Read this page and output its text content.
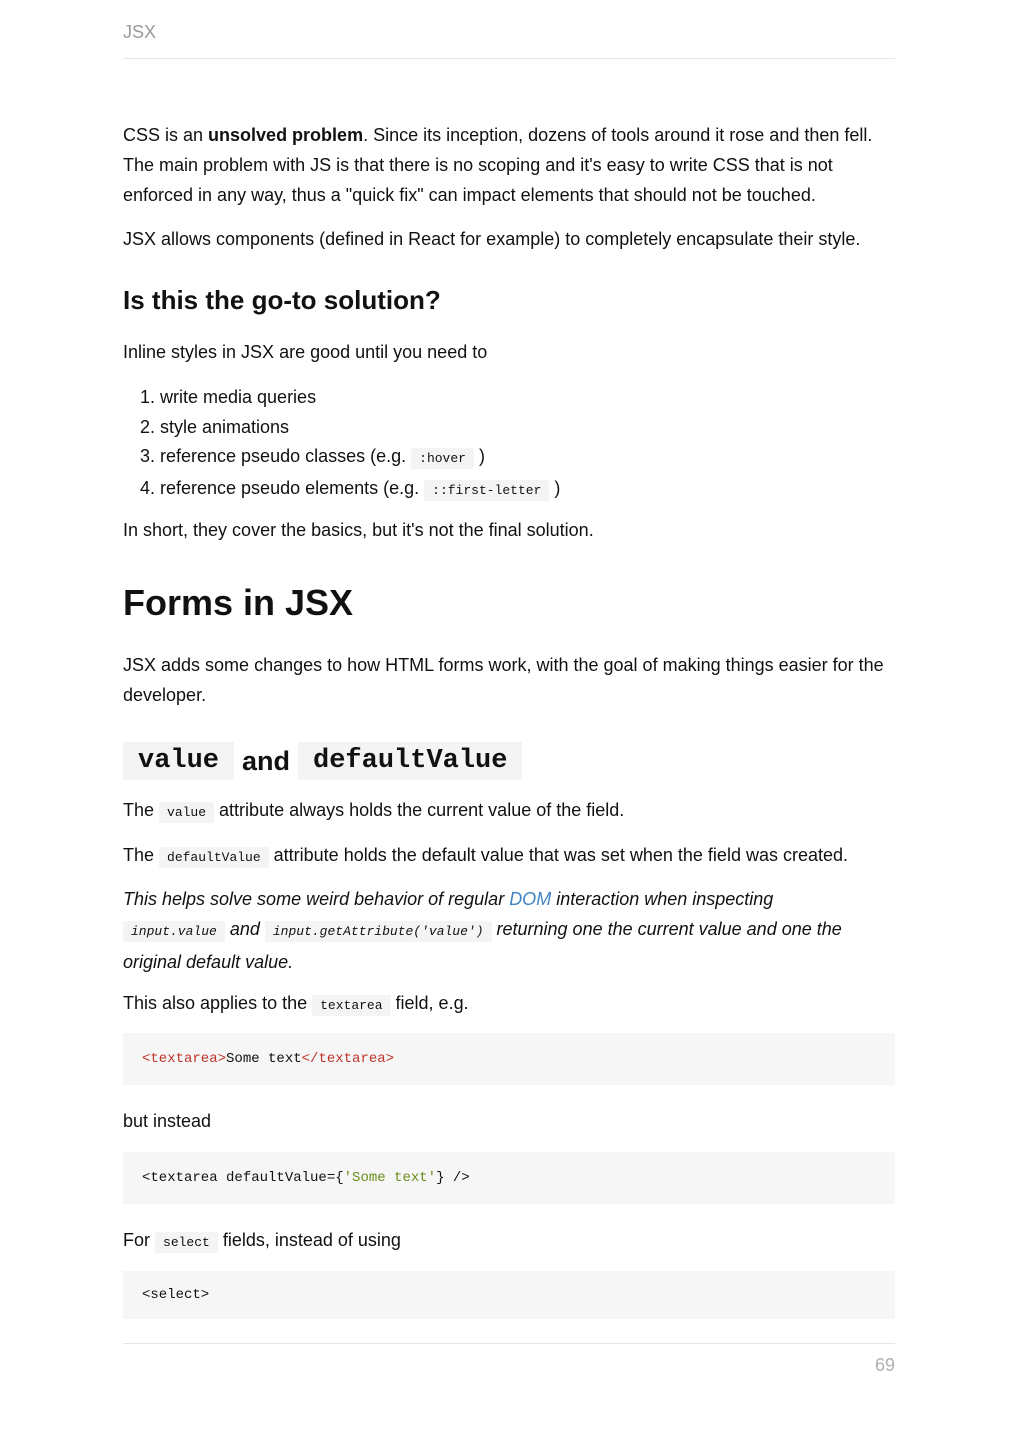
JSX

CSS is an unsolved problem. Since its inception, dozens of tools around it rose and then fell. The main problem with JS is that there is no scoping and it's easy to write CSS that is not enforced in any way, thus a "quick fix" can impact elements that should not be touched.

JSX allows components (defined in React for example) to completely encapsulate their style.

Is this the go-to solution?

Inline styles in JSX are good until you need to

1. write media queries
2. style animations
3. reference pseudo classes (e.g. :hover )
4. reference pseudo elements (e.g. ::first-letter )

In short, they cover the basics, but it's not the final solution.

Forms in JSX

JSX adds some changes to how HTML forms work, with the goal of making things easier for the developer.

value and defaultValue

The value attribute always holds the current value of the field.

The defaultValue attribute holds the default value that was set when the field was created.

This helps solve some weird behavior of regular DOM interaction when inspecting
input.value and input.getAttribute('value') returning one the current value and one the original default value.

This also applies to the textarea field, e.g.

<textarea> Some text </textarea>

but instead

<textarea defaultValue={ 'Some text' } />

For select fields, instead of using

<select>
69
